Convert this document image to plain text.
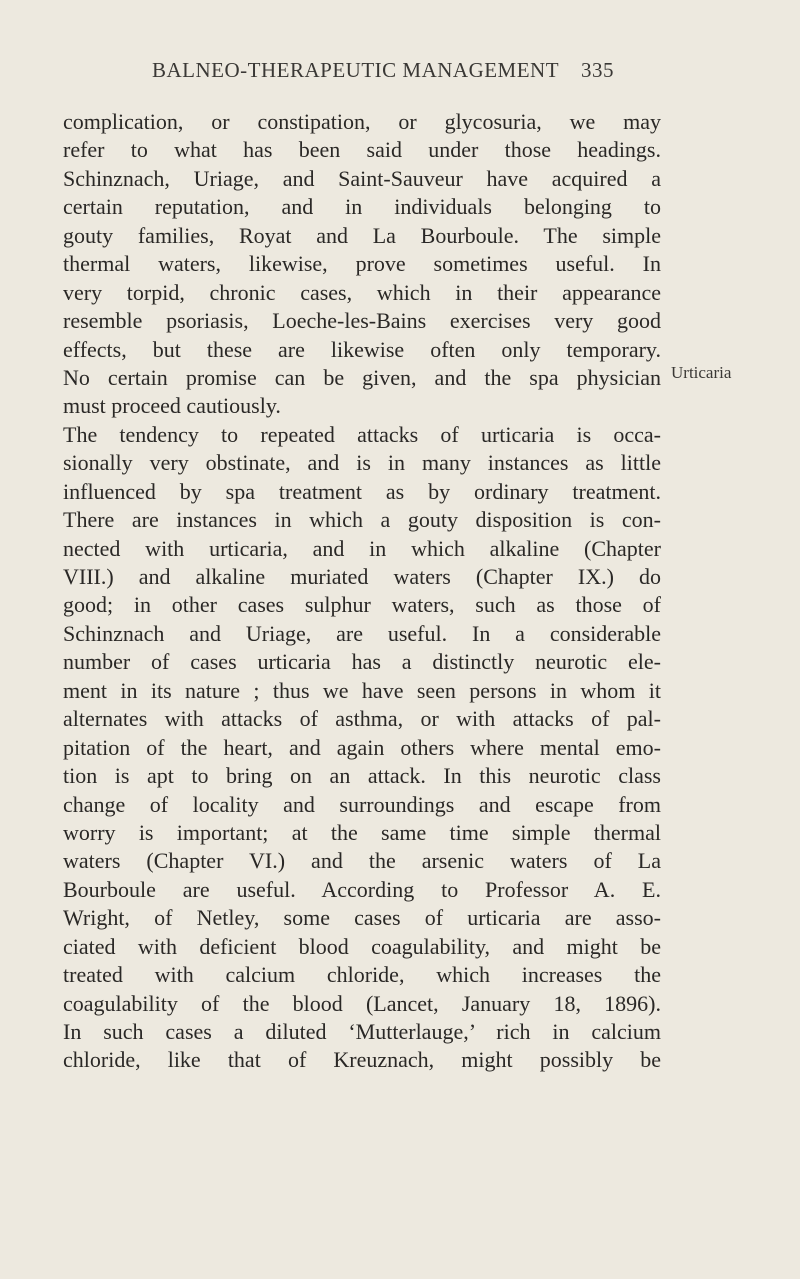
BALNEO-THERAPEUTIC MANAGEMENT 335
Urticaria
complication, or constipation, or glycosuria, we may
refer to what has been said under those headings.
Schinznach, Uriage, and Saint-Sauveur have acquired a
certain reputation, and in individuals belonging to
gouty families, Royat and La Bourboule. The simple
thermal waters, likewise, prove sometimes useful. In
very torpid, chronic cases, which in their appearance
resemble psoriasis, Loeche-les-Bains exercises very good
effects, but these are likewise often only temporary.
No certain promise can be given, and the spa physician
must proceed cautiously.
The tendency to repeated attacks of urticaria is occa-
sionally very obstinate, and is in many instances as little
influenced by spa treatment as by ordinary treatment.
There are instances in which a gouty disposition is con-
nected with urticaria, and in which alkaline (Chapter
VIII.) and alkaline muriated waters (Chapter IX.) do
good; in other cases sulphur waters, such as those of
Schinznach and Uriage, are useful. In a considerable
number of cases urticaria has a distinctly neurotic ele-
ment in its nature ; thus we have seen persons in whom it
alternates with attacks of asthma, or with attacks of pal-
pitation of the heart, and again others where mental emo-
tion is apt to bring on an attack. In this neurotic class
change of locality and surroundings and escape from
worry is important; at the same time simple thermal
waters (Chapter VI.) and the arsenic waters of La
Bourboule are useful. According to Professor A. E.
Wright, of Netley, some cases of urticaria are asso-
ciated with deficient blood coagulability, and might be
treated with calcium chloride, which increases the
coagulability of the blood (Lancet, January 18, 1896).
In such cases a diluted ‘Mutterlauge,’ rich in calcium
chloride, like that of Kreuznach, might possibly be
